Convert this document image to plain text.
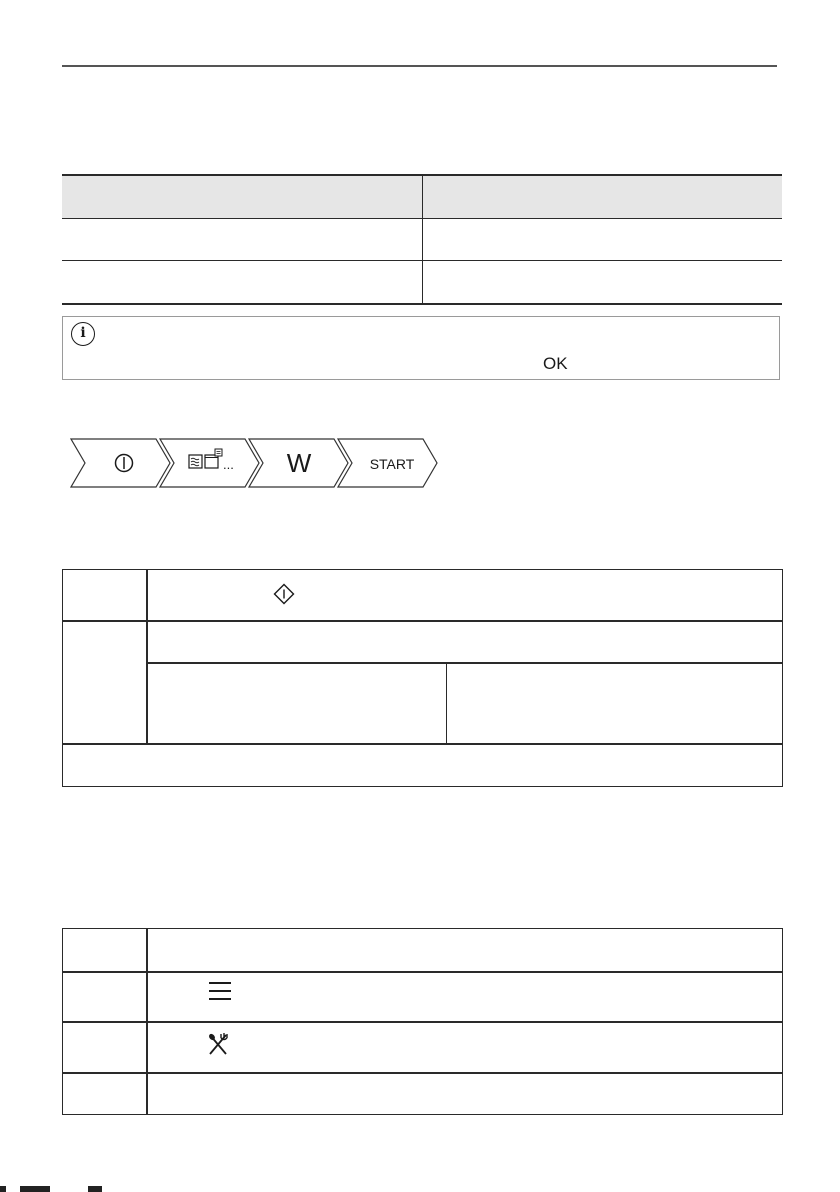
i
OK
... W	START
